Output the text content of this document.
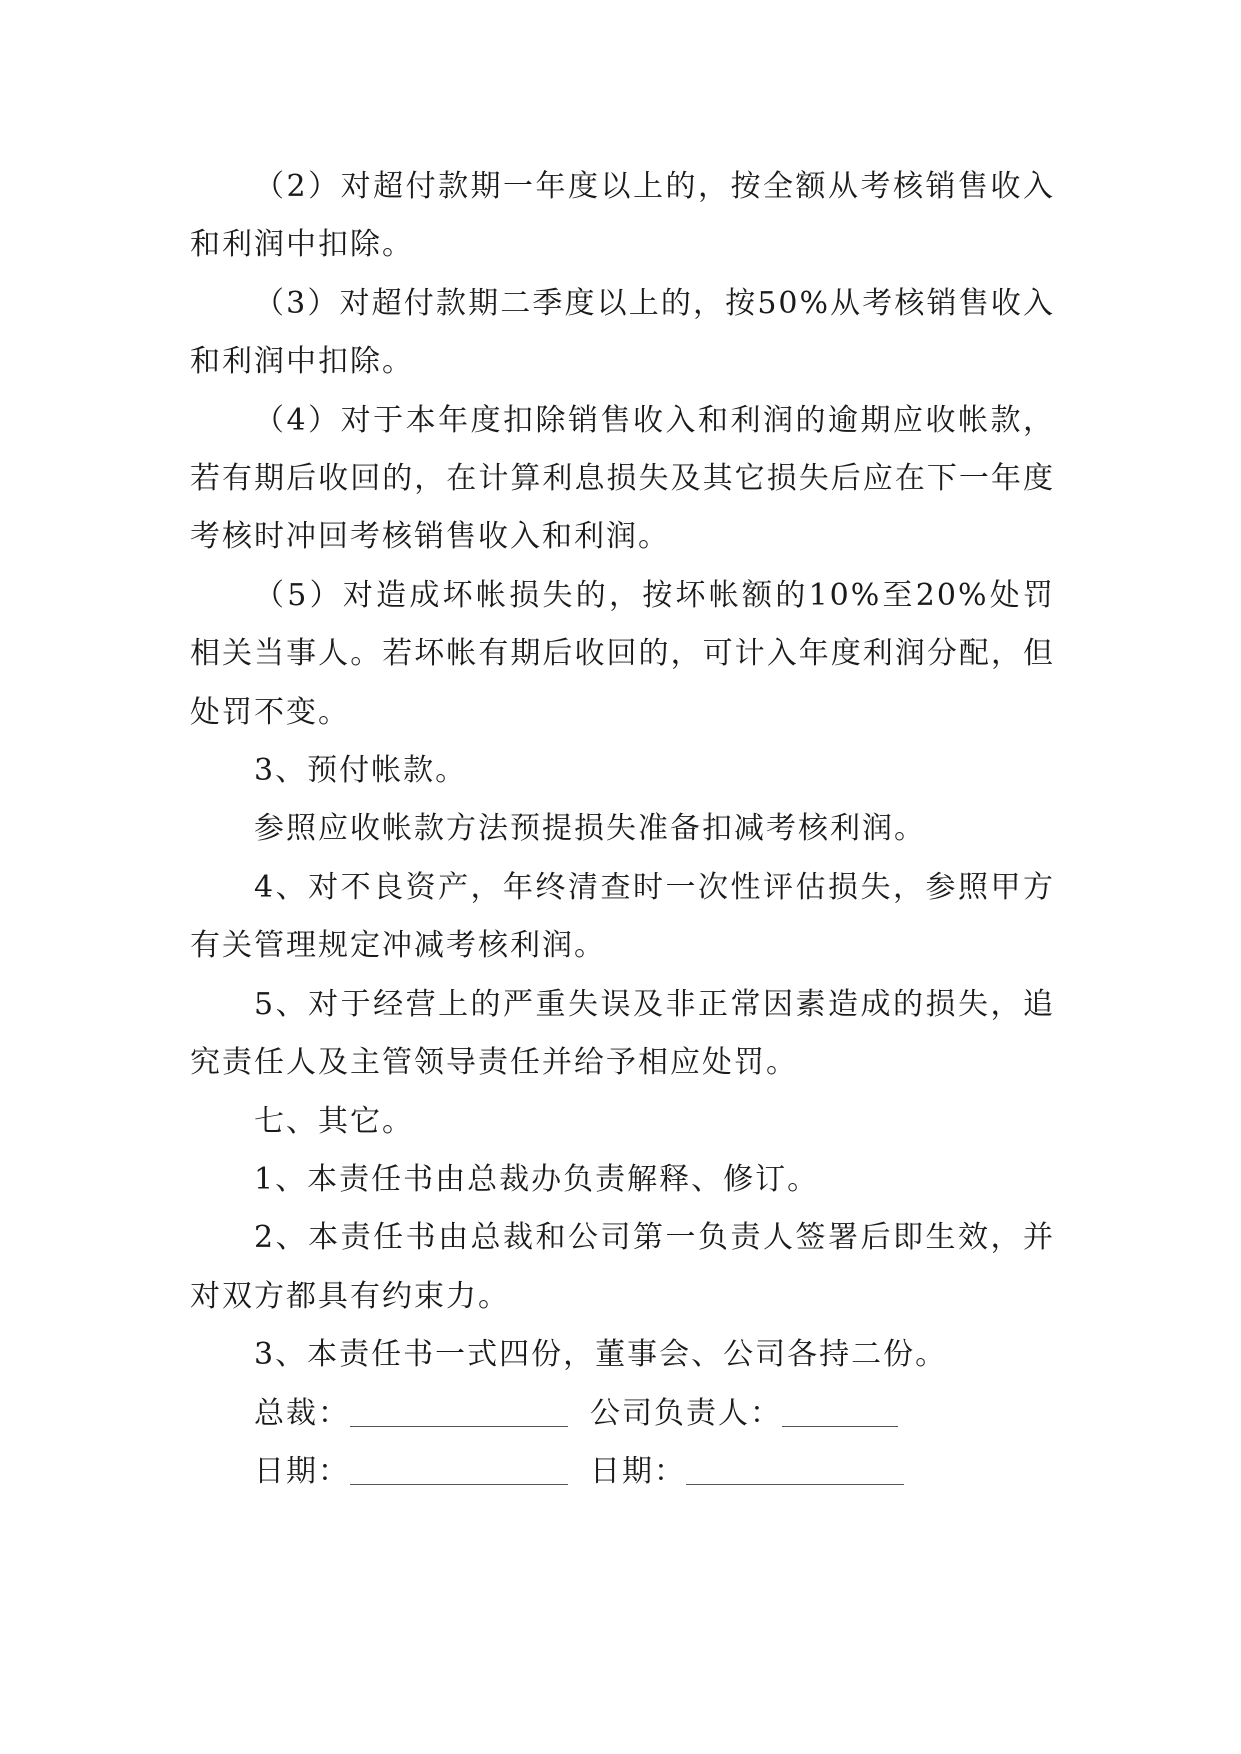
（2）对超付款期一年度以上的，按全额从考核销售收入和利润中扣除。

（3）对超付款期二季度以上的，按50%从考核销售收入和利润中扣除。

（4）对于本年度扣除销售收入和利润的逾期应收帐款，若有期后收回的，在计算利息损失及其它损失后应在下一年度考核时冲回考核销售收入和利润。

（5）对造成坏帐损失的，按坏帐额的10%至20%处罚相关当事人。若坏帐有期后收回的，可计入年度利润分配，但处罚不变。

3、预付帐款。

参照应收帐款方法预提损失准备扣减考核利润。

4、对不良资产，年终清查时一次性评估损失，参照甲方有关管理规定冲减考核利润。

5、对于经营上的严重失误及非正常因素造成的损失，追究责任人及主管领导责任并给予相应处罚。

七、其它。

1、本责任书由总裁办负责解释、修订。

2、本责任书由总裁和公司第一负责人签署后即生效，并对双方都具有约束力。

3、本责任书一式四份，董事会、公司各持二份。

总裁：	公司负责人：
日期：	日期：
